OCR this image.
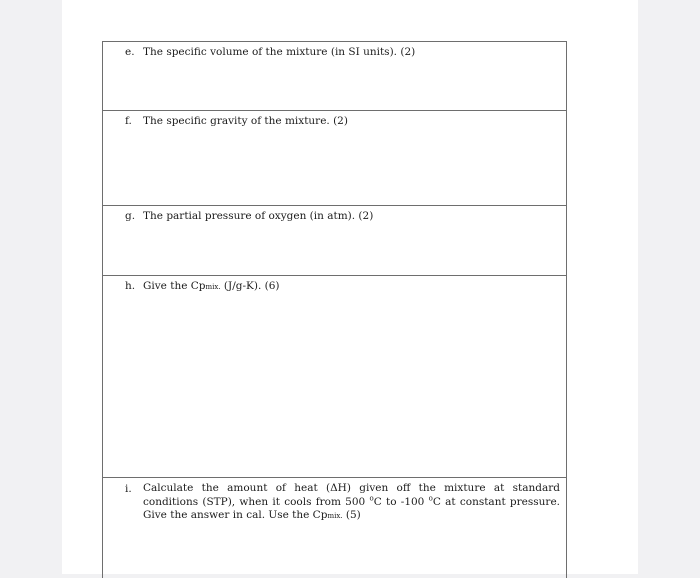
e. The specific volume of the mixture (in SI units). (2)
f. The specific gravity of the mixture. (2)
g. The partial pressure of oxygen (in atm). (2)
h. Give the Cpmix. (J/g-K). (6)
i. Calculate the amount of heat (ΔH) given off the mixture at standard conditions (STP), when it cools from 500 $^o$C to -100 $^o$C at constant pressure. Give the answer in cal. Use the Cpmix. (5)
